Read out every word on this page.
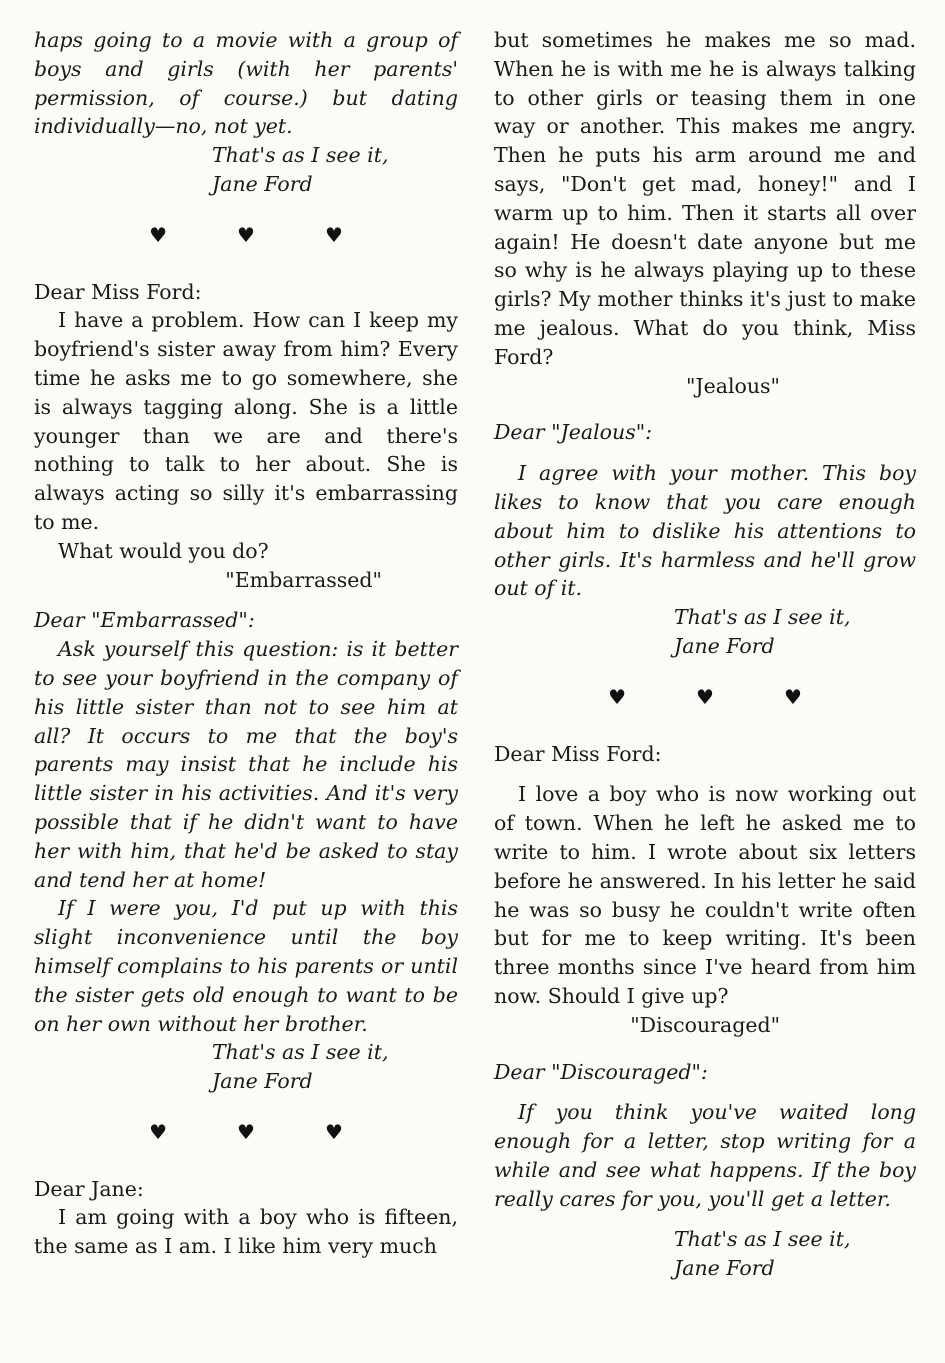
haps going to a movie with a group of boys and girls (with her parents' permission, of course.) but dating individually—no, not yet.

That's as I see it,

Jane Ford

♥	♥	♥

Dear Miss Ford:

I have a problem. How can I keep my boyfriend's sister away from him? Every time he asks me to go somewhere, she is always tagging along. She is a little younger than we are and there's nothing to talk to her about. She is always acting so silly it's embarrassing to me.

What would you do?

"Embarrassed"

Dear "Embarrassed":

Ask yourself this question: is it better to see your boyfriend in the company of his little sister than not to see him at all? It occurs to me that the boy's parents may insist that he include his little sister in his activities. And it's very possible that if he didn't want to have her with him, that he'd be asked to stay and tend her at home!

If I were you, I'd put up with this slight inconvenience until the boy himself complains to his parents or until the sister gets old enough to want to be on her own without her brother.

That's as I see it,

Jane Ford

♥	♥	♥

Dear Jane:

I am going with a boy who is fifteen, the same as I am. I like him very much

but sometimes he makes me so mad. When he is with me he is always talking to other girls or teasing them in one way or another. This makes me angry. Then he puts his arm around me and says, "Don't get mad, honey!" and I warm up to him. Then it starts all over again! He doesn't date anyone but me so why is he always playing up to these girls? My mother thinks it's just to make me jealous. What do you think, Miss Ford?

"Jealous"

Dear "Jealous":

I agree with your mother. This boy likes to know that you care enough about him to dislike his attentions to other girls. It's harmless and he'll grow out of it.

That's as I see it,

Jane Ford

♥	♥	♥

Dear Miss Ford:

I love a boy who is now working out of town. When he left he asked me to write to him. I wrote about six letters before he answered. In his letter he said he was so busy he couldn't write often but for me to keep writing. It's been three months since I've heard from him now. Should I give up?

"Discouraged"

Dear "Discouraged":

If you think you've waited long enough for a letter, stop writing for a while and see what happens. If the boy really cares for you, you'll get a letter.

That's as I see it,

Jane Ford
